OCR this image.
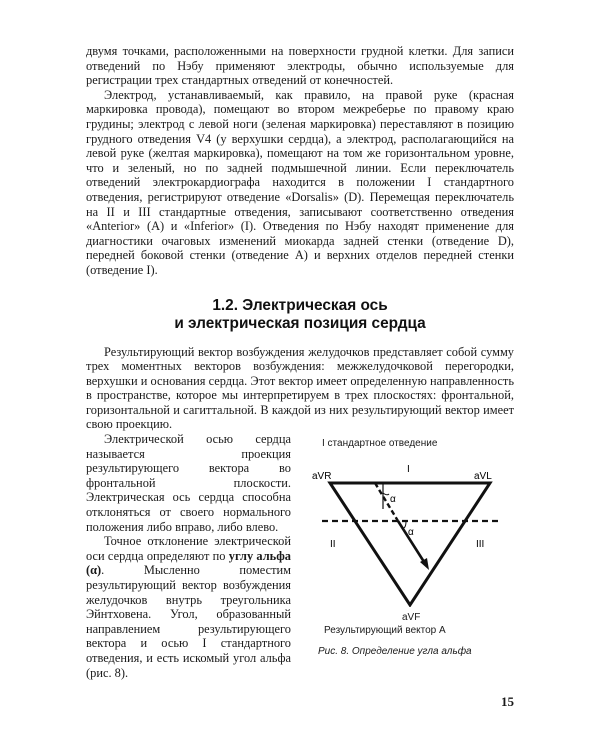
двумя точками, расположенными на поверхности грудной клетки. Для записи отведений по Нэбу применяют электроды, обычно используемые для регистрации трех стандартных отведений от конечностей.

Электрод, устанавливаемый, как правило, на правой руке (красная маркировка провода), помещают во втором межреберье по правому краю грудины; электрод с левой ноги (зеленая маркировка) переставляют в позицию грудного отведения V4 (у верхушки сердца), а электрод, располагающийся на левой руке (желтая маркировка), помещают на том же горизонтальном уровне, что и зеленый, но по задней подмышечной линии. Если переключатель отведений электрокардиографа находится в положении I стандартного отведения, регистрируют отведение «Dorsalis» (D). Перемещая переключатель на II и III стандартные отведения, записывают соответственно отведения «Anterior» (А) и «Inferior» (I). Отведения по Нэбу находят применение для диагностики очаговых изменений миокарда задней стенки (отведение D), передней боковой стенки (отведение А) и верхних отделов передней стенки (отведение I).

1.2. Электрическая ось
и электрическая позиция сердца

Результирующий вектор возбуждения желудочков представляет собой сумму трех моментных векторов возбуждения: межжелудочковой перегородки, верхушки и основания сердца. Этот вектор имеет определенную направленность в пространстве, которое мы интерпретируем в трех плоскостях: фронтальной, горизонтальной и сагиттальной. В каждой из них результирующий вектор имеет свою проекцию.

Электрической осью сердца называется проекция результирующего вектора во фронтальной плоскости. Электрическая ось сердца способна отклоняться от своего нормального положения либо вправо, либо влево.

Точное отклонение электрической оси сердца определяют по углу альфа (α). Мысленно поместим результирующий вектор возбуждения желудочков внутрь треугольника Эйнтховена. Угол, образованный направлением результирующего вектора и осью I стандартного отведения, и есть искомый угол альфа (рис. 8).

I стандартное отведение
aVR	aVL
I
α
α
II	III
aVF
Результирующий вектор А
Рис. 8. Определение угла альфа
15
